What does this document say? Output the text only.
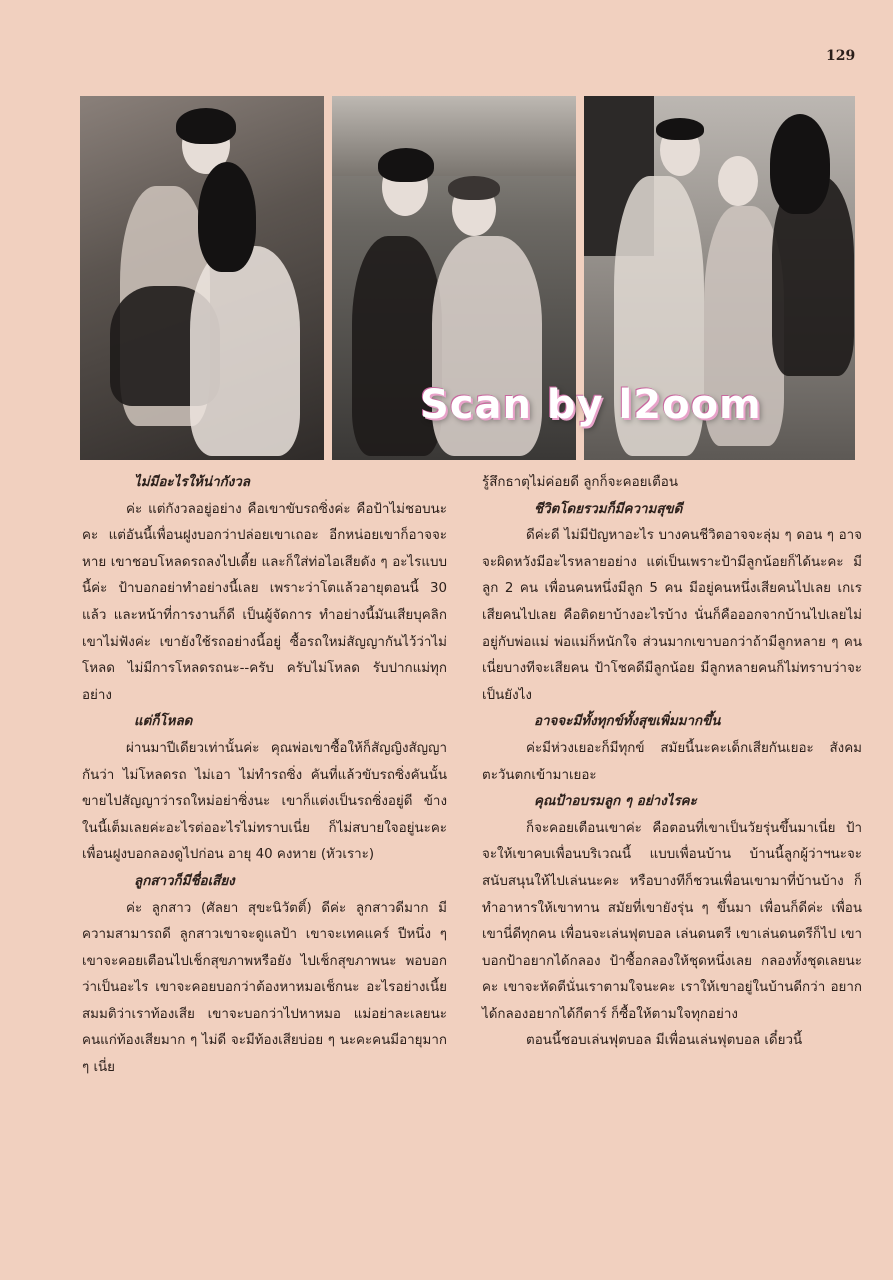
129
Scan by l2oom
ไม่มีอะไรให้น่ากังวล

ค่ะ แต่กังวลอยู่อย่าง คือเขาขับรถซิ่งค่ะ คือป้าไม่ชอบนะคะ แต่อันนี้เพื่อนฝูงบอกว่าปล่อยเขาเถอะ อีกหน่อยเขาก็อาจจะหาย เขาชอบโหลดรถลงไปเตี้ย และก็ใส่ท่อไอเสียดัง ๆ อะไรแบบนี้ค่ะ ป้าบอกอย่าทำอย่างนี้เลย เพราะว่าโตแล้วอายุตอนนี้ 30 แล้ว และหน้าที่การงานก็ดี เป็นผู้จัดการ ทำอย่างนี้มันเสียบุคลิก เขาไม่ฟังค่ะ เขายังใช้รถอย่างนี้อยู่ ซื้อรถใหม่สัญญากันไว้ว่าไม่โหลด ไม่มีการโหลดรถนะ--ครับ ครับไม่โหลด รับปากแม่ทุกอย่าง

แต่ก็โหลด

ผ่านมาปีเดียวเท่านั้นค่ะ คุณพ่อเขาซื้อให้ก็สัญญิงสัญญากันว่า ไม่โหลดรถ ไม่เอา ไม่ทำรถซิ่ง คันที่แล้วขับรถซิ่งคันนั้นขายไปสัญญาว่ารถใหม่อย่าซิ่งนะ เขาก็แต่งเป็นรถซิ่งอยู่ดี ข้างในนี้เต็มเลยค่ะอะไรต่ออะไรไม่ทราบเนี่ย ก็ไม่สบายใจอยู่นะคะ เพื่อนฝูงบอกลองดูไปก่อน อายุ 40 คงหาย (หัวเราะ)

ลูกสาวก็มีชื่อเสียง

ค่ะ ลูกสาว (ศัลยา สุขะนิวัตติ์) ดีค่ะ ลูกสาวดีมาก มีความสามารถดี ลูกสาวเขาจะดูแลป้า เขาจะเทคแคร์ ปีหนึ่ง ๆ เขาจะคอยเตือนไปเช็กสุขภาพหรือยัง ไปเช็กสุขภาพนะ พอบอกว่าเป็นอะไร เขาจะคอยบอกว่าต้องหาหมอเช็กนะ อะไรอย่างเนี้ย สมมติว่าเราท้องเสีย เขาจะบอกว่าไปหาหมอ แม่อย่าละเลยนะ คนแก่ท้องเสียมาก ๆ ไม่ดี จะมีท้องเสียบ่อย ๆ นะคะคนมีอายุมาก ๆ เนี่ย

รู้สึกธาตุไม่ค่อยดี ลูกก็จะคอยเตือน

ชีวิตโดยรวมก็มีความสุขดี

ดีค่ะดี ไม่มีปัญหาอะไร บางคนชีวิตอาจจะลุ่ม ๆ ดอน ๆ อาจจะผิดหวังมีอะไรหลายอย่าง แต่เป็นเพราะป้ามีลูกน้อยก็ได้นะคะ มีลูก 2 คน เพื่อนคนหนึ่งมีลูก 5 คน มีอยู่คนหนึ่งเสียคนไปเลย เกเร เสียคนไปเลย คือติดยาบ้างอะไรบ้าง นั่นก็คือออกจากบ้านไปเลยไม่อยู่กับพ่อแม่ พ่อแม่ก็หนักใจ ส่วนมากเขาบอกว่าถ้ามีลูกหลาย ๆ คน เนี่ยบางทีจะเสียคน ป้าโชคดีมีลูกน้อย มีลูกหลายคนก็ไม่ทราบว่าจะเป็นยังไง

อาจจะมีทั้งทุกข์ทั้งสุขเพิ่มมากขึ้น

ค่ะมีห่วงเยอะก็มีทุกข์ สมัยนี้นะคะเด็กเสียกันเยอะ สังคมตะวันตกเข้ามาเยอะ

คุณป้าอบรมลูก ๆ อย่างไรคะ

ก็จะคอยเตือนเขาค่ะ คือตอนที่เขาเป็นวัยรุ่นขึ้นมาเนี่ย ป้าจะให้เขาคบเพื่อนบริเวณนี้ แบบเพื่อนบ้าน บ้านนี้ลูกผู้ว่าฯนะจะสนับสนุนให้ไปเล่นนะคะ หรือบางทีก็ชวนเพื่อนเขามาที่บ้านบ้าง ก็ทำอาหารให้เขาทาน สมัยที่เขายังรุ่น ๆ ขึ้นมา เพื่อนก็ดีค่ะ เพื่อนเขานี่ดีทุกคน เพื่อนจะเล่นฟุตบอล เล่นดนตรี เขาเล่นดนตรีก็ไป เขาบอกป้าอยากได้กลอง ป้าซื้อกลองให้ชุดหนึ่งเลย กลองทั้งชุดเลยนะคะ เขาจะหัดตีนั่นเราตามใจนะคะ เราให้เขาอยู่ในบ้านดีกว่า อยากได้กลองอยากได้กีตาร์ ก็ซื้อให้ตามใจทุกอย่าง

ตอนนี้ชอบเล่นฟุตบอล มีเพื่อนเล่นฟุตบอล เดี๋ยวนี้
